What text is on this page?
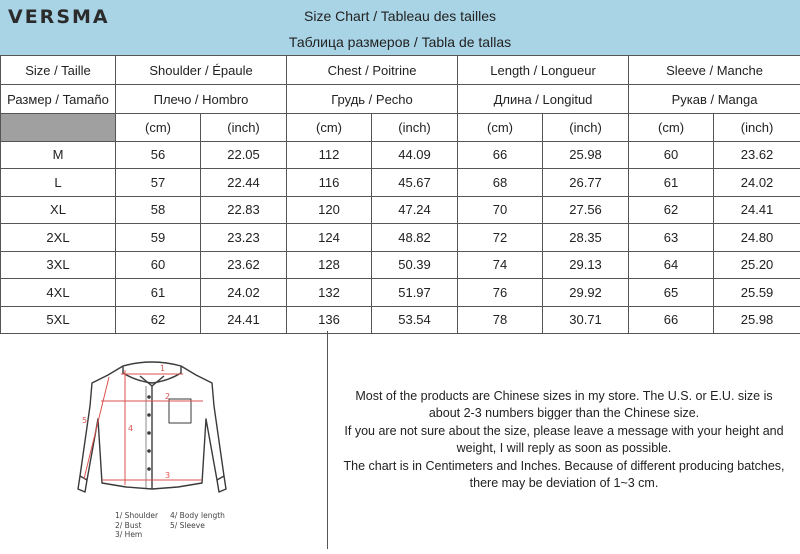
VERSMA	Size Chart / Tableau des tailles
Таблица размеров / Tabla de tallas
Size / Taille	Shoulder / Épaule		Chest / Poitrine		Length / Longueur		Sleeve / Manche	
Размер / Tamaño	Плечо / Hombro		Грудь / Pecho		Длина / Longitud		Рукав / Manga	
	(cm)	(inch)	(cm)	(inch)	(cm)	(inch)	(cm)	(inch)
M	56	22.05	112	44.09	66	25.98	60	23.62
L	57	22.44	116	45.67	68	26.77	61	24.02
XL	58	22.83	120	47.24	70	27.56	62	24.41
2XL	59	23.23	124	48.82	72	28.35	63	24.80
3XL	60	23.62	128	50.39	74	29.13	64	25.20
4XL	61	24.02	132	51.97	76	29.92	65	25.59
5XL	62	24.41	136	53.54	78	30.71	66	25.98
1
2
3
4
5
1/ Shoulder 4/ Body length
2/ Bust	5/ Sleeve
3/ Hem
Most of the products are Chinese sizes in my store. The U.S. or E.U. size is
about 2-3 numbers bigger than the Chinese size.
If you are not sure about the size, please leave a message with your height and
weight, I will reply as soon as possible.
The chart is in Centimeters and Inches. Because of different producing batches,
there may be deviation of 1~3 cm.
